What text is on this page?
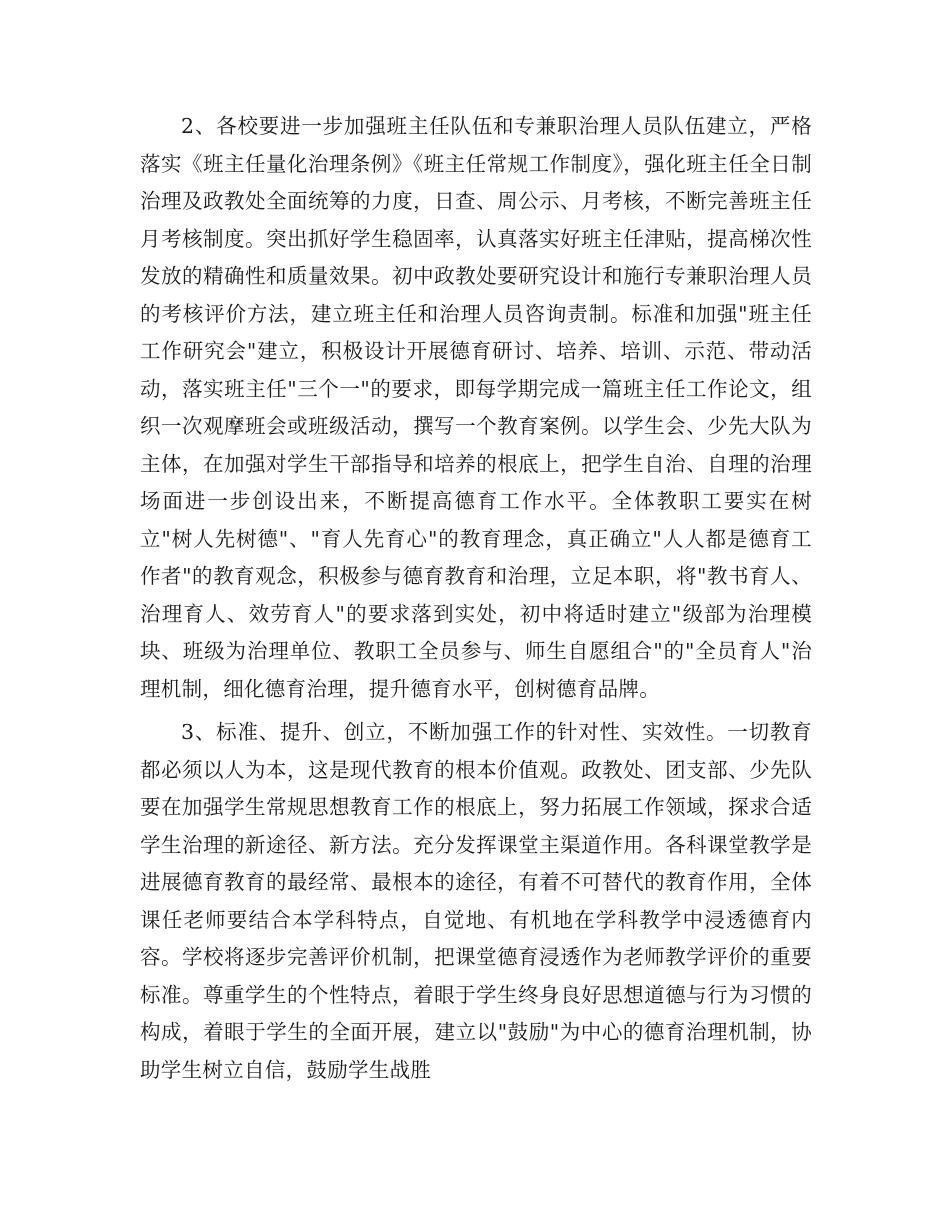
2、各校要进一步加强班主任队伍和专兼职治理人员队伍建立，严格落实《班主任量化治理条例》《班主任常规工作制度》，强化班主任全日制治理及政教处全面统筹的力度，日查、周公示、月考核，不断完善班主任月考核制度。突出抓好学生稳固率，认真落实好班主任津贴，提高梯次性发放的精确性和质量效果。初中政教处要研究设计和施行专兼职治理人员的考核评价方法，建立班主任和治理人员咨询责制。标准和加强"班主任工作研究会"建立，积极设计开展德育研讨、培养、培训、示范、带动活动，落实班主任"三个一"的要求，即每学期完成一篇班主任工作论文，组织一次观摩班会或班级活动，撰写一个教育案例。以学生会、少先大队为主体，在加强对学生干部指导和培养的根底上，把学生自治、自理的治理场面进一步创设出来，不断提高德育工作水平。全体教职工要实在树立"树人先树德"、"育人先育心"的教育理念，真正确立"人人都是德育工作者"的教育观念，积极参与德育教育和治理，立足本职，将"教书育人、治理育人、效劳育人"的要求落到实处，初中将适时建立"级部为治理模块、班级为治理单位、教职工全员参与、师生自愿组合"的"全员育人"治理机制，细化德育治理，提升德育水平，创树德育品牌。

3、标准、提升、创立，不断加强工作的针对性、实效性。一切教育都必须以人为本，这是现代教育的根本价值观。政教处、团支部、少先队要在加强学生常规思想教育工作的根底上，努力拓展工作领域，探求合适学生治理的新途径、新方法。充分发挥课堂主渠道作用。各科课堂教学是进展德育教育的最经常、最根本的途径，有着不可替代的教育作用，全体课任老师要结合本学科特点，自觉地、有机地在学科教学中浸透德育内容。学校将逐步完善评价机制，把课堂德育浸透作为老师教学评价的重要标准。尊重学生的个性特点，着眼于学生终身良好思想道德与行为习惯的构成，着眼于学生的全面开展，建立以"鼓励"为中心的德育治理机制，协助学生树立自信，鼓励学生战胜
